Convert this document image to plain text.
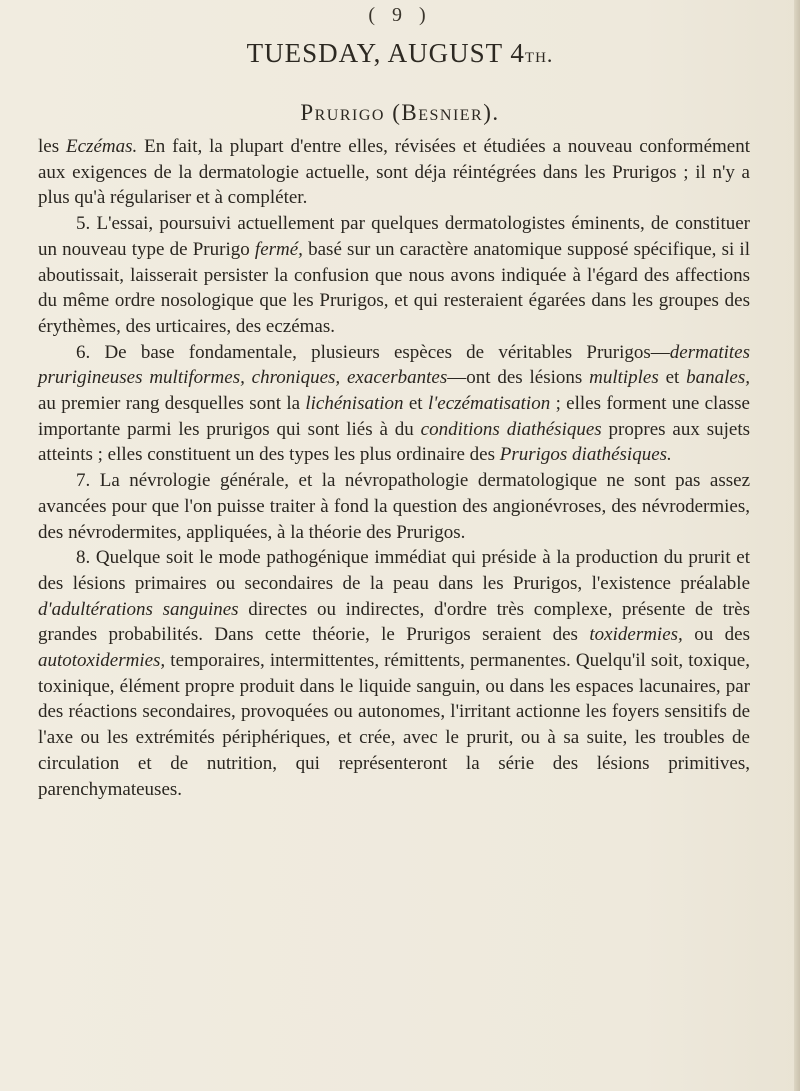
( 9 )
TUESDAY, AUGUST 4th.
Prurigo (Besnier).

les Eczémas. En fait, la plupart d'entre elles, révisées et étudiées a nouveau conformément aux exigences de la dermatologie actuelle, sont déja réintégrées dans les Prurigos ; il n'y a plus qu'à régulariser et à compléter.

5. L'essai, poursuivi actuellement par quelques dermatologistes éminents, de constituer un nouveau type de Prurigo fermé, basé sur un caractère anatomique supposé spécifique, si il aboutissait, laisserait persister la confusion que nous avons indiquée à l'égard des affections du même ordre nosologique que les Prurigos, et qui resteraient égarées dans les groupes des érythèmes, des urticaires, des eczémas.

6. De base fondamentale, plusieurs espèces de véritables Prurigos—dermatites prurigineuses multiformes, chroniques, exacerbantes—ont des lésions multiples et banales, au premier rang desquelles sont la lichénisation et l'eczématisation ; elles forment une classe importante parmi les prurigos qui sont liés à du conditions diathésiques propres aux sujets atteints ; elles constituent un des types les plus ordinaire des Prurigos diathésiques.

7. La névrologie générale, et la névropathologie dermatologique ne sont pas assez avancées pour que l'on puisse traiter à fond la question des angionévroses, des névrodermies, des névrodermites, appliquées, à la théorie des Prurigos.

8. Quelque soit le mode pathogénique immédiat qui préside à la production du prurit et des lésions primaires ou secondaires de la peau dans les Prurigos, l'existence préalable d'adultérations sanguines directes ou indirectes, d'ordre très complexe, présente de très grandes probabilités. Dans cette théorie, le Prurigos seraient des toxidermies, ou des autotoxidermies, temporaires, intermittentes, rémittents, permanentes. Quelqu'il soit, toxique, toxinique, élément propre produit dans le liquide sanguin, ou dans les espaces lacunaires, par des réactions secondaires, provoquées ou autonomes, l'irritant actionne les foyers sensitifs de l'axe ou les extrémités périphériques, et crée, avec le prurit, ou à sa suite, les troubles de circulation et de nutrition, qui représenteront la série des lésions primitives, parenchymateuses.
